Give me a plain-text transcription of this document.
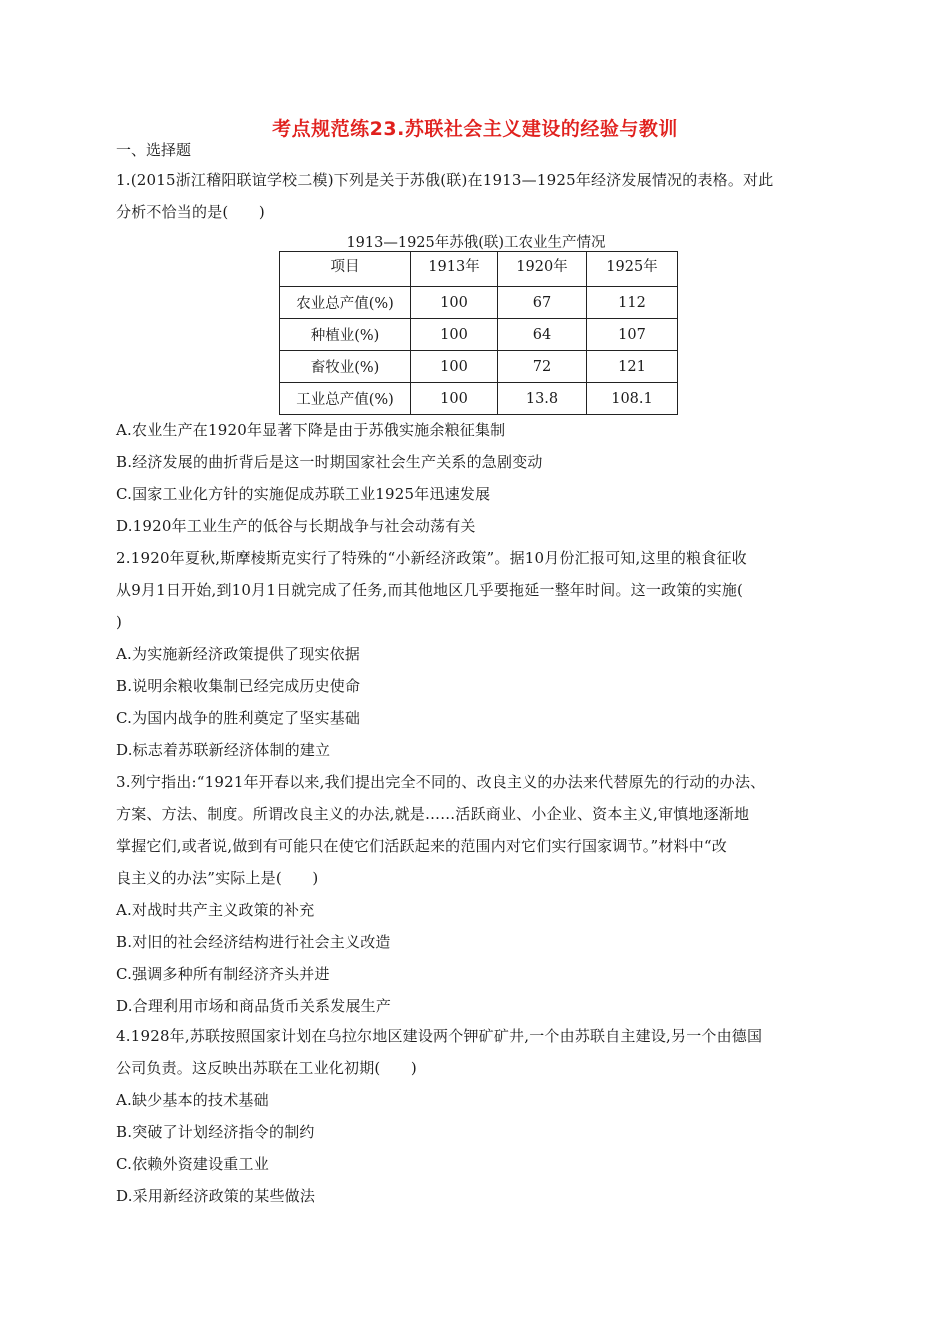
考点规范练23.苏联社会主义建设的经验与教训
一、选择题
1.(2015浙江稽阳联谊学校二模)下列是关于苏俄(联)在1913—1925年经济发展情况的表格。对此
分析不恰当的是(　　)
1913—1925年苏俄(联)工农业生产情况
项目	1913年	1920年	1925年
农业总产值(%)	100	67	112
种植业(%)	100	64	107
畜牧业(%)	100	72	121
工业总产值(%)	100	13.8	108.1
A.农业生产在1920年显著下降是由于苏俄实施余粮征集制
B.经济发展的曲折背后是这一时期国家社会生产关系的急剧变动
C.国家工业化方针的实施促成苏联工业1925年迅速发展
D.1920年工业生产的低谷与长期战争与社会动荡有关
2.1920年夏秋,斯摩棱斯克实行了特殊的“小新经济政策”。据10月份汇报可知,这里的粮食征收
从9月1日开始,到10月1日就完成了任务,而其他地区几乎要拖延一整年时间。这一政策的实施(
)
A.为实施新经济政策提供了现实依据
B.说明余粮收集制已经完成历史使命
C.为国内战争的胜利奠定了坚实基础
D.标志着苏联新经济体制的建立
3.列宁指出:“1921年开春以来,我们提出完全不同的、改良主义的办法来代替原先的行动的办法、
方案、方法、制度。所谓改良主义的办法,就是……活跃商业、小企业、资本主义,审慎地逐渐地
掌握它们,或者说,做到有可能只在使它们活跃起来的范围内对它们实行国家调节。”材料中“改
良主义的办法”实际上是(　　)
A.对战时共产主义政策的补充
B.对旧的社会经济结构进行社会主义改造
C.强调多种所有制经济齐头并进
D.合理利用市场和商品货币关系发展生产
4.1928年,苏联按照国家计划在乌拉尔地区建设两个钾矿矿井,一个由苏联自主建设,另一个由德国
公司负责。这反映出苏联在工业化初期(　　)
A.缺少基本的技术基础
B.突破了计划经济指令的制约
C.依赖外资建设重工业
D.采用新经济政策的某些做法
